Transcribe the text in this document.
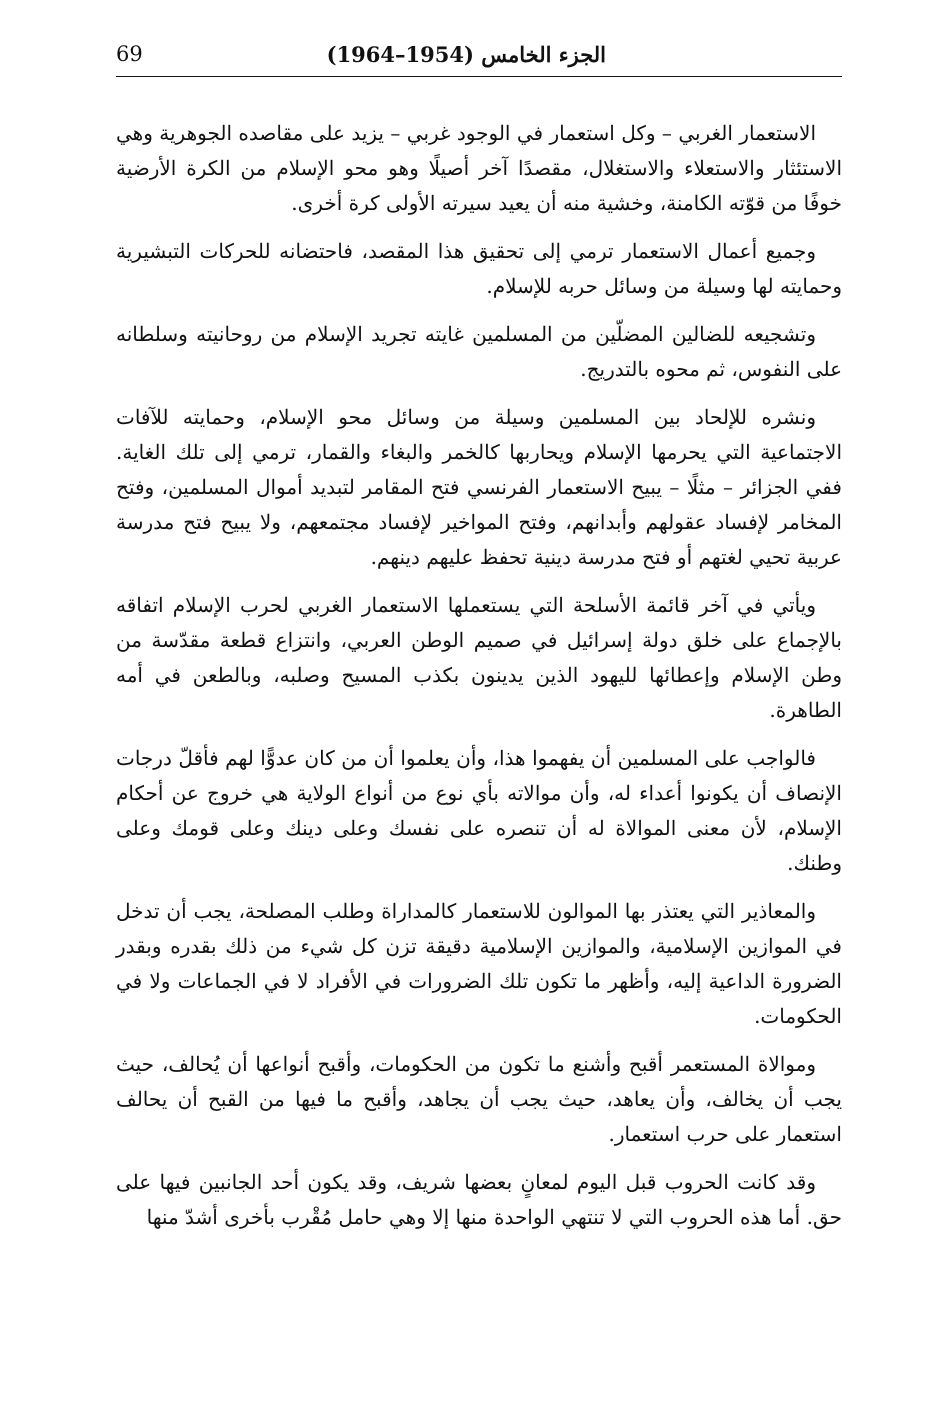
الجزء الخامس (1954–1964)
69

الاستعمار الغربي – وكل استعمار في الوجود غربي – يزيد على مقاصده الجوهرية وهي الاستئثار والاستعلاء والاستغلال، مقصدًا آخر أصيلًا وهو محو الإسلام من الكرة الأرضية خوفًا من قوّته الكامنة، وخشية منه أن يعيد سيرته الأولى كرة أخرى.

وجميع أعمال الاستعمار ترمي إلى تحقيق هذا المقصد، فاحتضانه للحركات التبشيرية وحمايته لها وسيلة من وسائل حربه للإسلام.

وتشجيعه للضالين المضلّين من المسلمين غايته تجريد الإسلام من روحانيته وسلطانه على النفوس، ثم محوه بالتدريج.

ونشره للإلحاد بين المسلمين وسيلة من وسائل محو الإسلام، وحمايته للآفات الاجتماعية التي يحرمها الإسلام ويحاربها كالخمر والبغاء والقمار، ترمي إلى تلك الغاية. ففي الجزائر – مثلًا – يبيح الاستعمار الفرنسي فتح المقامر لتبديد أموال المسلمين، وفتح المخامر لإفساد عقولهم وأبدانهم، وفتح المواخير لإفساد مجتمعهم، ولا يبيح فتح مدرسة عربية تحيي لغتهم أو فتح مدرسة دينية تحفظ عليهم دينهم.

ويأتي في آخر قائمة الأسلحة التي يستعملها الاستعمار الغربي لحرب الإسلام اتفاقه بالإجماع على خلق دولة إسرائيل في صميم الوطن العربي، وانتزاع قطعة مقدّسة من وطن الإسلام وإعطائها لليهود الذين يدينون بكذب المسيح وصلبه، وبالطعن في أمه الطاهرة.

فالواجب على المسلمين أن يفهموا هذا، وأن يعلموا أن من كان عدوًّا لهم فأقلّ درجات الإنصاف أن يكونوا أعداء له، وأن موالاته بأي نوع من أنواع الولاية هي خروج عن أحكام الإسلام، لأن معنى الموالاة له أن تنصره على نفسك وعلى دينك وعلى قومك وعلى وطنك.

والمعاذير التي يعتذر بها الموالون للاستعمار كالمداراة وطلب المصلحة، يجب أن تدخل في الموازين الإسلامية، والموازين الإسلامية دقيقة تزن كل شيء من ذلك بقدره وبقدر الضرورة الداعية إليه، وأظهر ما تكون تلك الضرورات في الأفراد لا في الجماعات ولا في الحكومات.

وموالاة المستعمر أقبح وأشنع ما تكون من الحكومات، وأقبح أنواعها أن يُحالف، حيث يجب أن يخالف، وأن يعاهد، حيث يجب أن يجاهد، وأقبح ما فيها من القبح أن يحالف استعمار على حرب استعمار.

وقد كانت الحروب قبل اليوم لمعانٍ بعضها شريف، وقد يكون أحد الجانبين فيها على حق. أما هذه الحروب التي لا تنتهي الواحدة منها إلا وهي حامل مُقْرب بأخرى أشدّ منها
